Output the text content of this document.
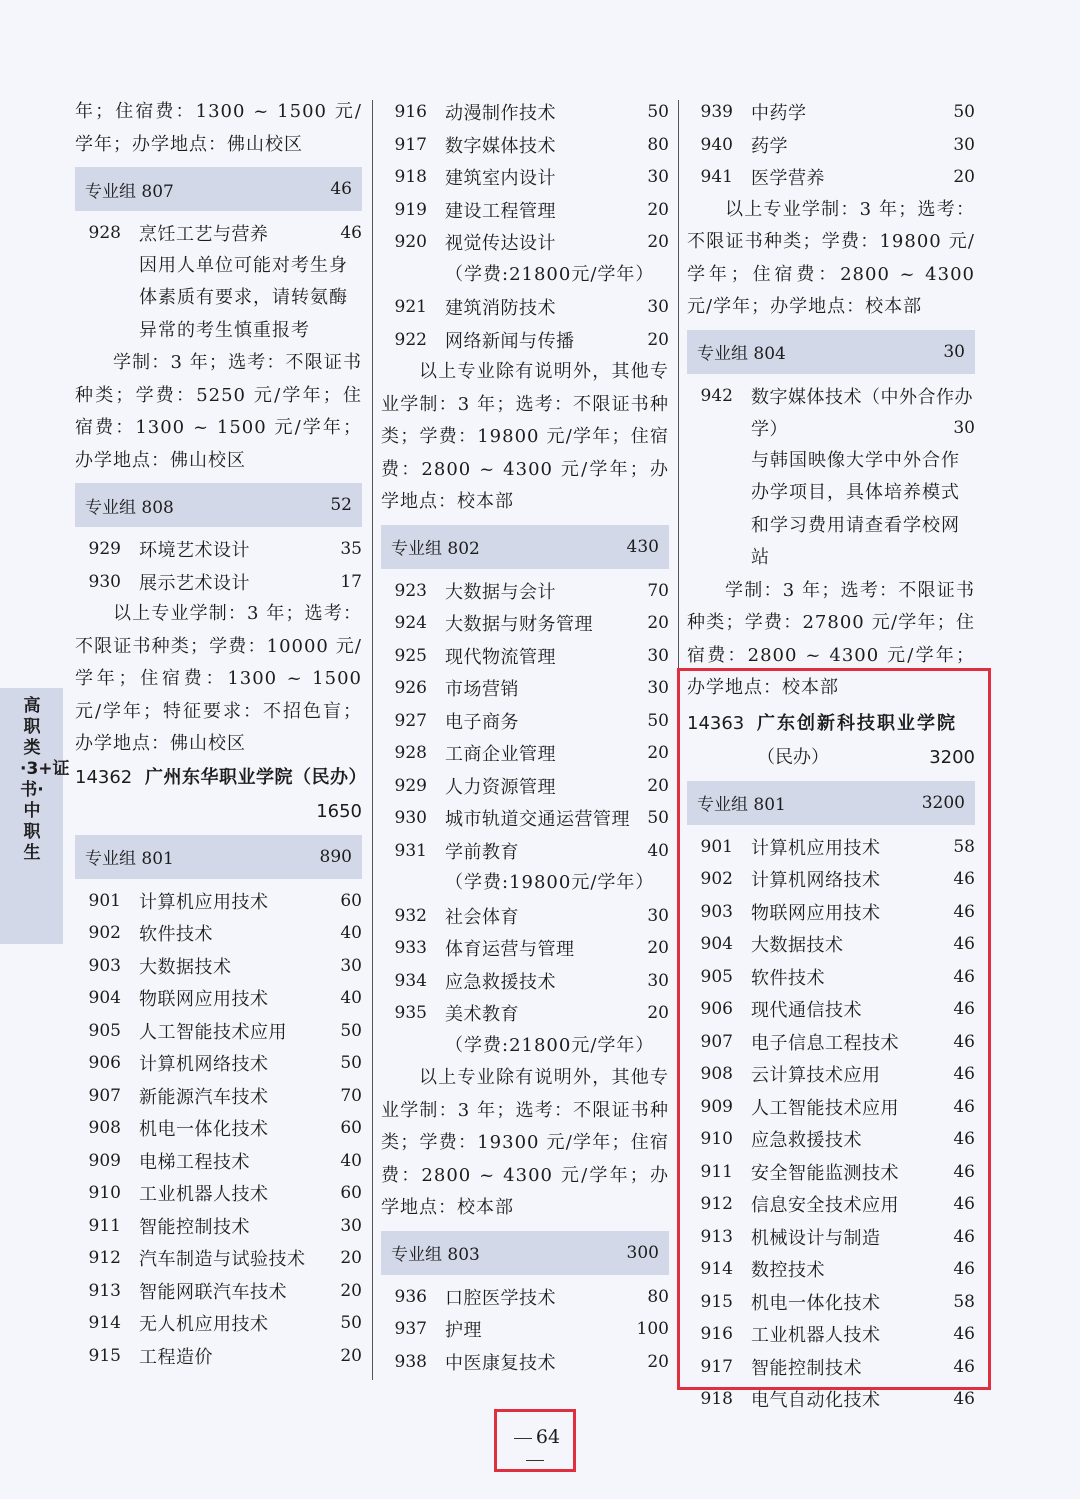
高职类·3+证书·中职生
年；住宿费：1300 ~ 1500 元/学年；办学地点：佛山校区
专业组 807	46
928 烹饪工艺与营养	46
因用人单位可能对考生身体素质有要求，请转氨酶异常的考生慎重报考
学制：3 年；选考：不限证书种类；学费：5250 元/学年；住宿费：1300 ~ 1500 元/学年；办学地点：佛山校区
专业组 808	52
929 环境艺术设计	35
930 展示艺术设计	17
以上专业学制：3 年；选考：不限证书种类；学费：10000 元/学年；住宿费：1300 ~ 1500 元/学年；特征要求：不招色盲；办学地点：佛山校区
14362 广州东华职业学院（民办）
1650
专业组 801	890
901 计算机应用技术	60
902 软件技术	40
903 大数据技术	30
904 物联网应用技术	40
905 人工智能技术应用	50
906 计算机网络技术	50
907 新能源汽车技术	70
908 机电一体化技术	60
909 电梯工程技术	40
910 工业机器人技术	60
911 智能控制技术	30
912 汽车制造与试验技术	20
913 智能网联汽车技术	20
914 无人机应用技术	50
915 工程造价	20
916 动漫制作技术	50
917 数字媒体技术	80
918 建筑室内设计	30
919 建设工程管理	20
920 视觉传达设计	20
（学费:21800元/学年）
921 建筑消防技术	30
922 网络新闻与传播	20
以上专业除有说明外，其他专业学制：3 年；选考：不限证书种类；学费：19800 元/学年；住宿费：2800 ~ 4300 元/学年；办学地点：校本部
专业组 802	430
923 大数据与会计	70
924 大数据与财务管理	20
925 现代物流管理	30
926 市场营销	30
927 电子商务	50
928 工商企业管理	20
929 人力资源管理	20
930 城市轨道交通运营管理	50
931 学前教育	40
（学费:19800元/学年）
932 社会体育	30
933 体育运营与管理	20
934 应急救援技术	30
935 美术教育	20
（学费:21800元/学年）
以上专业除有说明外，其他专业学制：3 年；选考：不限证书种类；学费：19300 元/学年；住宿费：2800 ~ 4300 元/学年；办学地点：校本部
专业组 803	300
936 口腔医学技术	80
937 护理	100
938 中医康复技术	20
939 中药学	50
940 药学	30
941 医学营养	20
以上专业学制：3 年；选考：不限证书种类；学费：19800 元/学年；住宿费：2800 ~ 4300 元/学年；办学地点：校本部
专业组 804	30
942 数字媒体技术（中外合作办
学）	30
与韩国映像大学中外合作办学项目，具体培养模式和学习费用请查看学校网站
学制：3 年；选考：不限证书种类；学费：27800 元/学年；住宿费：2800 ~ 4300 元/学年；办学地点：校本部
14363 广东创新科技职业学院
（民办）	3200
专业组 801	3200
901 计算机应用技术	58
902 计算机网络技术	46
903 物联网应用技术	46
904 大数据技术	46
905 软件技术	46
906 现代通信技术	46
907 电子信息工程技术	46
908 云计算技术应用	46
909 人工智能技术应用	46
910 应急救援技术	46
911 安全智能监测技术	46
912 信息安全技术应用	46
913 机械设计与制造	46
914 数控技术	46
915 机电一体化技术	58
916 工业机器人技术	46
917 智能控制技术	46
918 电气自动化技术	46
64
